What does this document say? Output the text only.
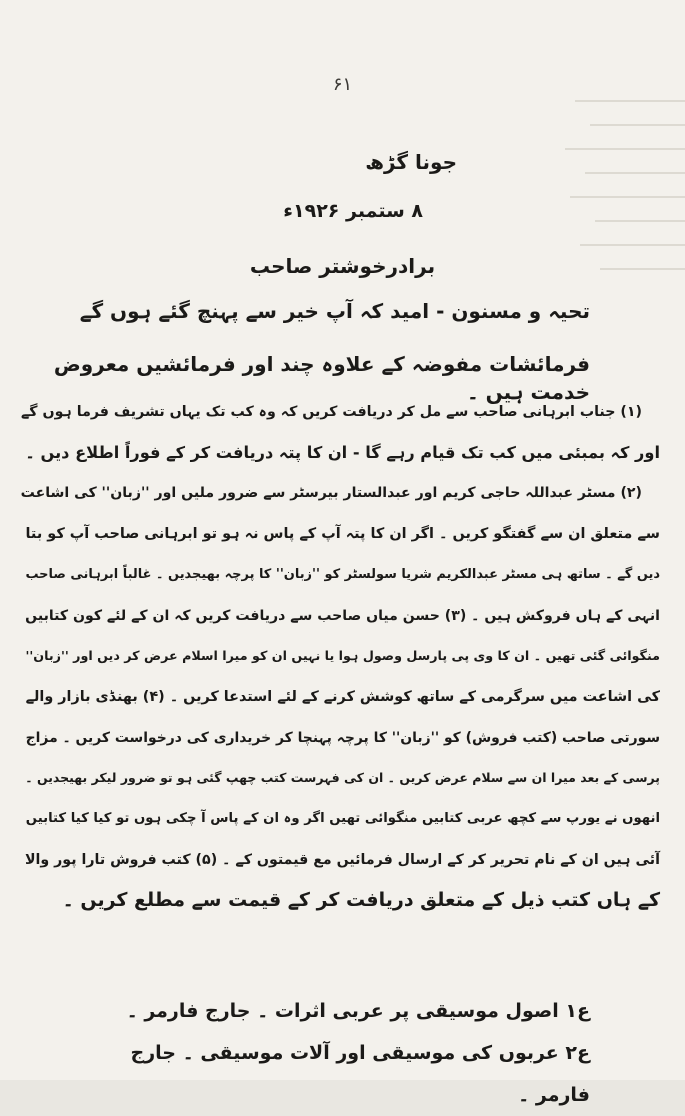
۶۱
جونا گڑھ
۸ ستمبر ۱۹۲۶ء
برادرخوشتر صاحب
تحیہ و مسنون - امید کہ آپ خیر سے پہنچ گئے ہوں گے
فرمائشات مفوضہ کے علاوہ چند اور فرمائشیں معروض خدمت ہیں ۔
(۱) جناب ابرہانی صاحب سے مل کر دریافت کریں کہ وہ کب تک یہاں تشریف فرما ہوں گے
اور کہ بمبئی میں کب تک قیام رہے گا - ان کا پتہ دریافت کر کے فوراً اطلاع دیں ۔
(۲) مسٹر عبداللہ حاجی کریم اور عبدالستار بیرسٹر سے ضرور ملیں اور ''زبان'' کی اشاعت
سے متعلق ان سے گفتگو کریں ۔ اگر ان کا پتہ آپ کے پاس نہ ہو تو ابرہانی صاحب آپ کو بتا
دیں گے ۔ ساتھ ہی مسٹر عبدالکریم شریا سولسٹر کو ''زبان'' کا پرچہ بھیجدیں ۔ غالباً ابرہانی صاحب
انہی کے ہاں فروکش ہیں ۔ (۳) حسن میاں صاحب سے دریافت کریں کہ ان کے لئے کون کتابیں
منگوائی گئی تھیں ۔ ان کا وی پی پارسل وصول ہوا یا نہیں ان کو میرا اسلام عرض کر دیں اور ''زبان''
کی اشاعت میں سرگرمی کے ساتھ کوشش کرنے کے لئے استدعا کریں ۔ (۴) بھنڈی بازار والے
سورتی صاحب (کتب فروش) کو ''زبان'' کا پرچہ پہنچا کر خریداری کی درخواست کریں ۔ مزاج
پرسی کے بعد میرا ان سے سلام عرض کریں ۔ ان کی فہرست کتب چھپ گئی ہو تو ضرور لیکر بھیجدیں ۔
انھوں نے یورپ سے کچھ عربی کتابیں منگوائی تھیں اگر وہ ان کے پاس آ چکی ہوں تو کیا کیا کتابیں
آئی ہیں ان کے نام تحریر کر کے ارسال فرمائیں مع قیمتوں کے ۔ (۵) کتب فروش تارا پور والا
کے ہاں کتب ذیل کے متعلق دریافت کر کے قیمت سے مطلع کریں ۔
ع۱ اصول موسیقی پر عربی اثرات ۔ جارج فارمر ۔
ع۲ عربوں کی موسیقی اور آلات موسیقی ۔ جارج فارمر ۔
